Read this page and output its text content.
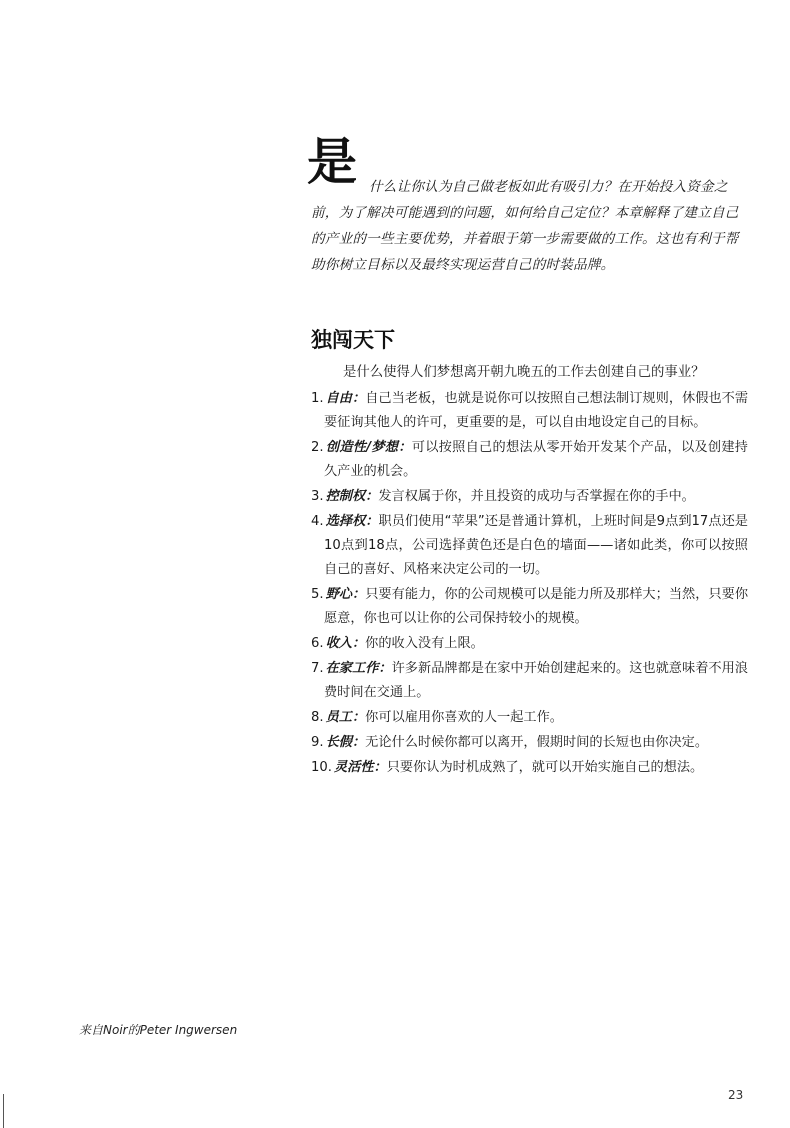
是 什么让你认为自己做老板如此有吸引力？在开始投入资金之前，为了解决可能遇到的问题，如何给自己定位？本章解释了建立自己的产业的一些主要优势，并着眼于第一步需要做的工作。这也有利于帮助你树立目标以及最终实现运营自己的时装品牌。

独闯天下

是什么使得人们梦想离开朝九晚五的工作去创建自己的事业？

1. 自由：自己当老板，也就是说你可以按照自己想法制订规则，休假也不需要征询其他人的许可，更重要的是，可以自由地设定自己的目标。
2. 创造性/梦想：可以按照自己的想法从零开始开发某个产品，以及创建持久产业的机会。
3. 控制权：发言权属于你，并且投资的成功与否掌握在你的手中。
4. 选择权：职员们使用“苹果”还是普通计算机，上班时间是9点到17点还是10点到18点，公司选择黄色还是白色的墙面——诸如此类，你可以按照自己的喜好、风格来决定公司的一切。
5. 野心：只要有能力，你的公司规模可以是能力所及那样大；当然，只要你愿意，你也可以让你的公司保持较小的规模。
6. 收入：你的收入没有上限。
7. 在家工作：许多新品牌都是在家中开始创建起来的。这也就意味着不用浪费时间在交通上。
8. 员工：你可以雇用你喜欢的人一起工作。
9. 长假：无论什么时候你都可以离开，假期时间的长短也由你决定。
10. 灵活性：只要你认为时机成熟了，就可以开始实施自己的想法。

来自Noir的Peter Ingwersen

23
